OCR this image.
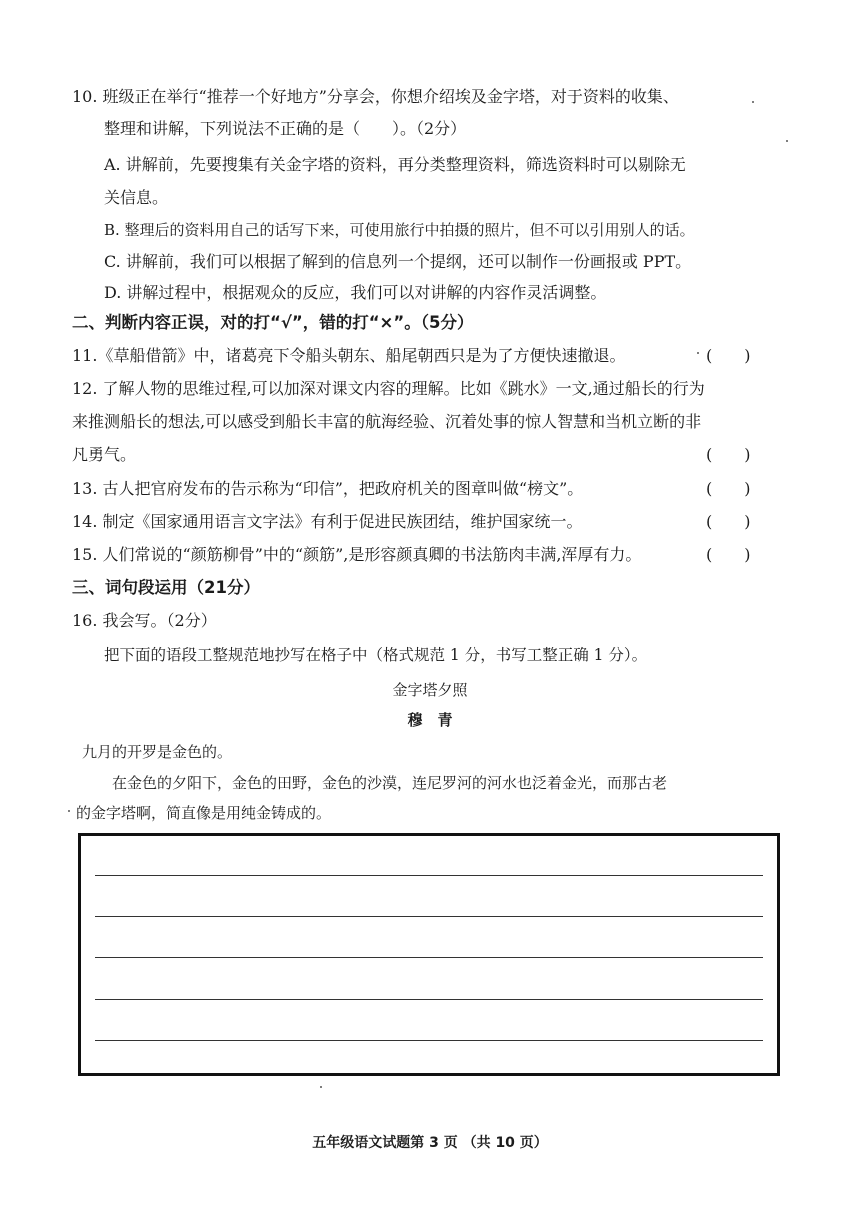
10. 班级正在举行“推荐一个好地方”分享会，你想介绍埃及金字塔，对于资料的收集、
整理和讲解，下列说法不正确的是（　　）。（2分）
A. 讲解前，先要搜集有关金字塔的资料，再分类整理资料，筛选资料时可以剔除无
关信息。
B. 整理后的资料用自己的话写下来，可使用旅行中拍摄的照片，但不可以引用别人的话。
C. 讲解前，我们可以根据了解到的信息列一个提纲，还可以制作一份画报或 PPT。
D. 讲解过程中，根据观众的反应，我们可以对讲解的内容作灵活调整。
二、判断内容正误，对的打“√”，错的打“×”。（5分）
11.《草船借箭》中，诸葛亮下令船头朝东、船尾朝西只是为了方便快速撤退。	(　　)
12. 了解人物的思维过程,可以加深对课文内容的理解。比如《跳水》一文,通过船长的行为
来推测船长的想法,可以感受到船长丰富的航海经验、沉着处事的惊人智慧和当机立断的非
凡勇气。	(　　)
13. 古人把官府发布的告示称为“印信”，把政府机关的图章叫做“榜文”。	(　　)
14. 制定《国家通用语言文字法》有利于促进民族团结，维护国家统一。	(　　)
15. 人们常说的“颜筋柳骨”中的“颜筋”,是形容颜真卿的书法筋肉丰满,浑厚有力。	(　　)
三、词句段运用（21分）
16. 我会写。（2分）
把下面的语段工整规范地抄写在格子中（格式规范 1 分，书写工整正确 1 分）。
金字塔夕照
穆　青
九月的开罗是金色的。
在金色的夕阳下，金色的田野，金色的沙漠，连尼罗河的河水也泛着金光，而那古老
的金字塔啊，简直像是用纯金铸成的。
五年级语文试题第 3 页 （共 10 页）
